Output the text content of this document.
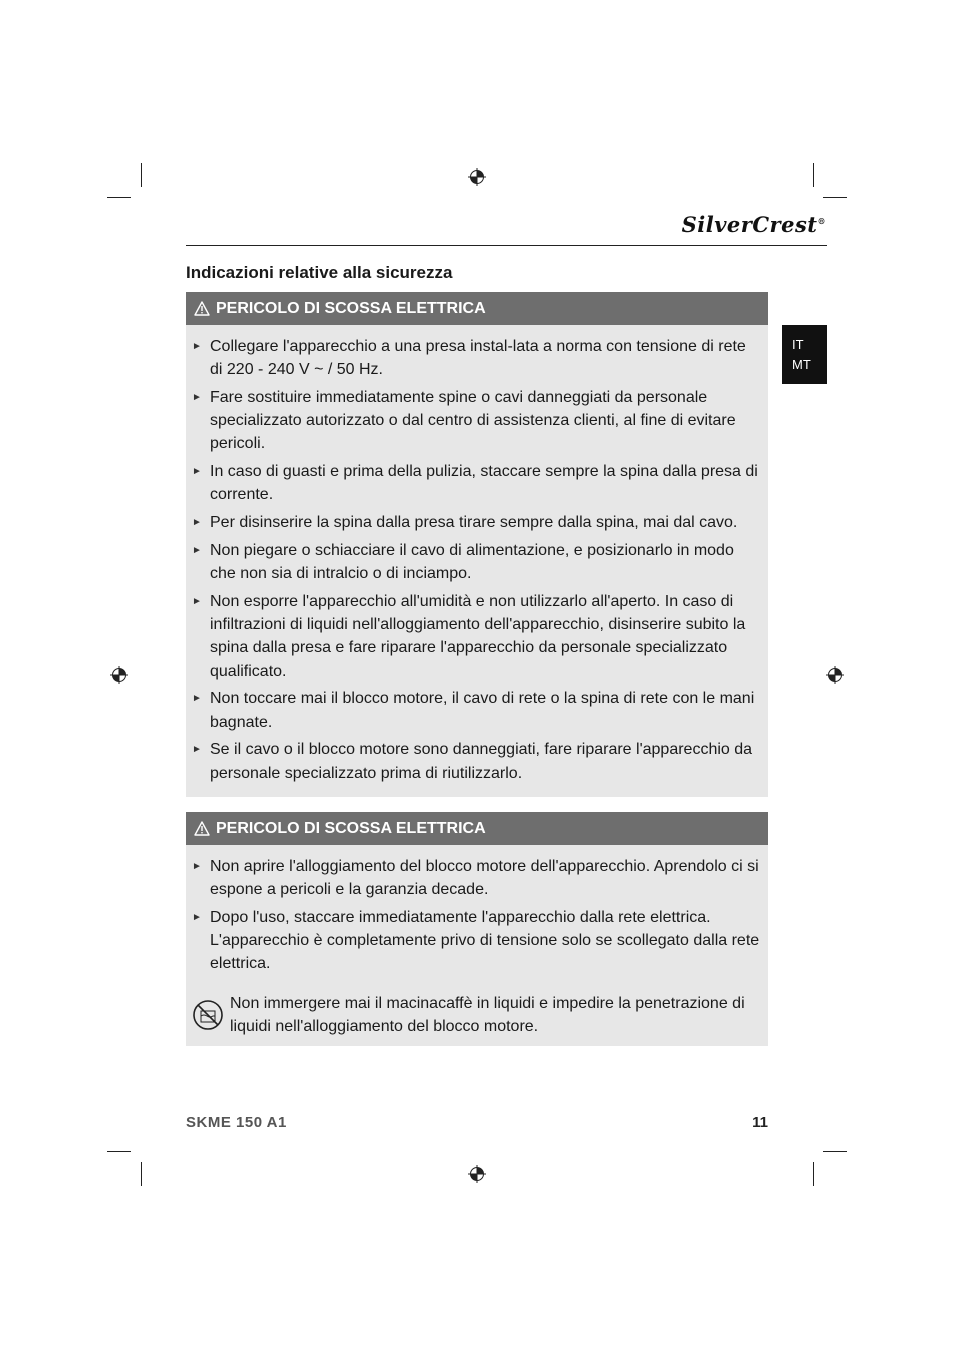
SilverCrest®
Indicazioni relative alla sicurezza
IT
MT
PERICOLO DI SCOSSA ELETTRICA
► Collegare l'apparecchio a una presa instal-lata a norma con tensione di rete di 220 - 240 V ~ / 50 Hz.
► Fare sostituire immediatamente spine o cavi danneggiati da personale specializzato autorizzato o dal centro di assistenza clienti, al fine di evitare pericoli.
► In caso di guasti e prima della pulizia, staccare sempre la spina dalla presa di corrente.
► Per disinserire la spina dalla presa tirare sempre dalla spina, mai dal cavo.
► Non piegare o schiacciare il cavo di alimentazione, e posizionarlo in modo che non sia di intralcio o di inciampo.
► Non esporre l'apparecchio all'umidità e non utilizzarlo all'aperto. In caso di infiltrazioni di liquidi nell'alloggiamento dell'apparecchio, disinserire subito la spina dalla presa e fare riparare l'apparecchio da personale specializzato qualificato.
► Non toccare mai il blocco motore, il cavo di rete o la spina di rete con le mani bagnate.
► Se il cavo o il blocco motore sono danneggiati, fare riparare l'apparecchio da personale specializzato prima di riutilizzarlo.
PERICOLO DI SCOSSA ELETTRICA
► Non aprire l'alloggiamento del blocco motore dell'apparecchio. Aprendolo ci si espone a pericoli e la garanzia decade.
► Dopo l'uso, staccare immediatamente l'apparecchio dalla rete elettrica. L'apparecchio è completamente privo di tensione solo se scollegato dalla rete elettrica.
Non immergere mai il macinacaffè in liquidi e impedire la penetrazione di liquidi nell'alloggiamento del blocco motore.
SKME 150 A1	11
